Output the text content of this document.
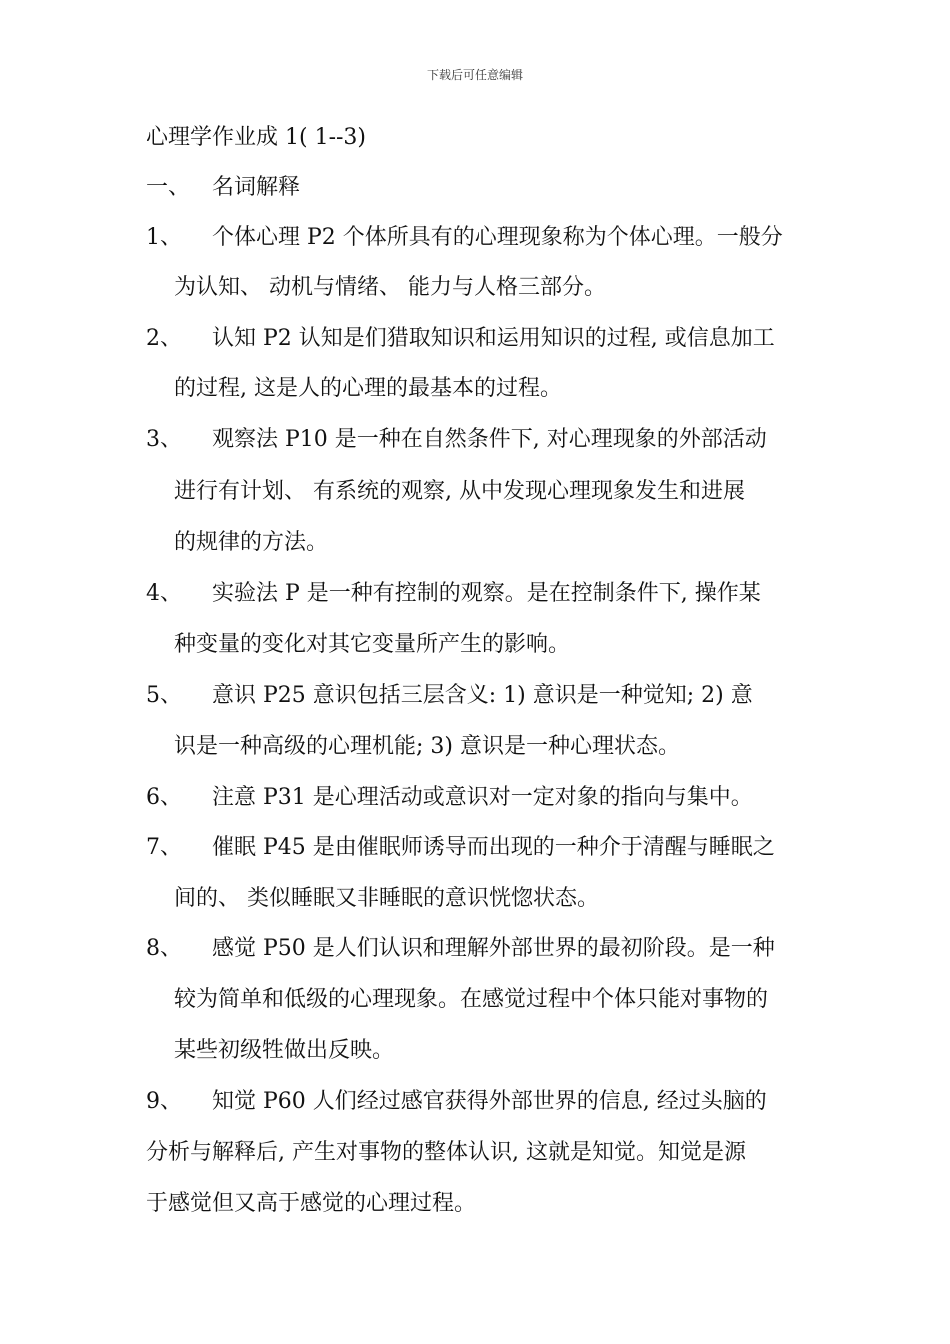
下载后可任意编辑
心理学作业成 1( 1--3)
一、 名词解释
1、 个体心理 P2 个体所具有的心理现象称为个体心理。一般分
为认知、 动机与情绪、 能力与人格三部分。
2、 认知 P2 认知是们猎取知识和运用知识的过程, 或信息加工
的过程, 这是人的心理的最基本的过程。
3、 观察法 P10 是一种在自然条件下, 对心理现象的外部活动
进行有计划、 有系统的观察, 从中发现心理现象发生和进展
的规律的方法。
4、 实验法 P 是一种有控制的观察。是在控制条件下, 操作某
种变量的变化对其它变量所产生的影响。
5、 意识 P25 意识包括三层含义: 1) 意识是一种觉知; 2) 意
识是一种高级的心理机能; 3) 意识是一种心理状态。
6、 注意 P31 是心理活动或意识对一定对象的指向与集中。
7、 催眠 P45 是由催眠师诱导而出现的一种介于清醒与睡眠之
间的、 类似睡眠又非睡眠的意识恍惚状态。
8、 感觉 P50 是人们认识和理解外部世界的最初阶段。是一种
较为简单和低级的心理现象。在感觉过程中个体只能对事物的
某些初级牲做出反映。
9、 知觉 P60 人们经过感官获得外部世界的信息, 经过头脑的
分析与解释后, 产生对事物的整体认识, 这就是知觉。知觉是源
于感觉但又高于感觉的心理过程。
